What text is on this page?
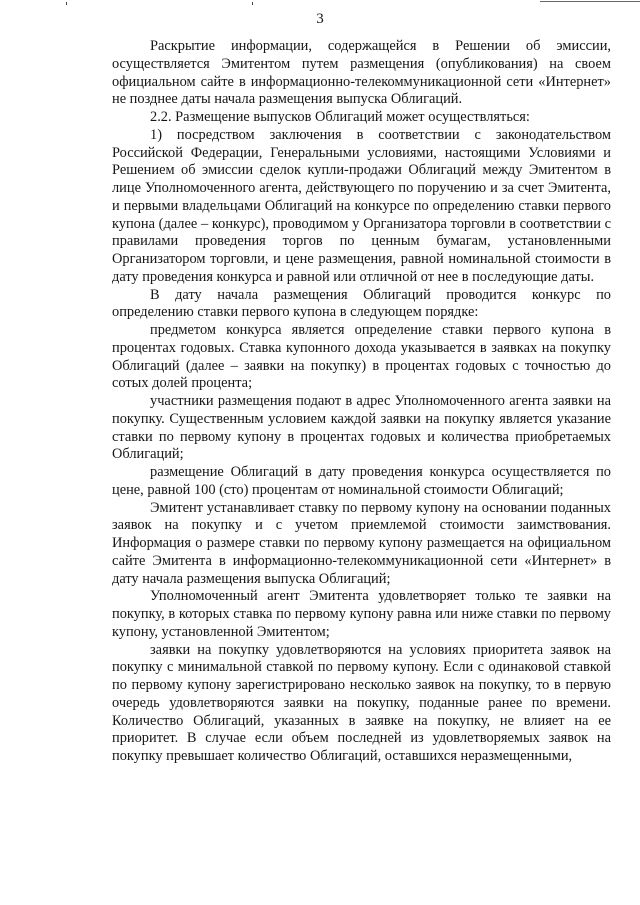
3

Раскрытие информации, содержащейся в Решении об эмиссии, осуществляется Эмитентом путем размещения (опубликования) на своем официальном сайте в информационно-телекоммуникационной сети «Интернет» не позднее даты начала размещения выпуска Облигаций.

2.2. Размещение выпусков Облигаций может осуществляться:

1) посредством заключения в соответствии с законодательством Российской Федерации, Генеральными условиями, настоящими Условиями и Решением об эмиссии сделок купли-продажи Облигаций между Эмитентом в лице Уполномоченного агента, действующего по поручению и за счет Эмитента, и первыми владельцами Облигаций на конкурсе по определению ставки первого купона (далее – конкурс), проводимом у Организатора торговли в соответствии с правилами проведения торгов по ценным бумагам, установленными Организатором торговли, и цене размещения, равной номинальной стоимости в дату проведения конкурса и равной или отличной от нее в последующие даты.

В дату начала размещения Облигаций проводится конкурс по определению ставки первого купона в следующем порядке:

предметом конкурса является определение ставки первого купона в процентах годовых. Ставка купонного дохода указывается в заявках на покупку Облигаций (далее – заявки на покупку) в процентах годовых с точностью до сотых долей процента;

участники размещения подают в адрес Уполномоченного агента заявки на покупку. Существенным условием каждой заявки на покупку является указание ставки по первому купону в процентах годовых и количества приобретаемых Облигаций;

размещение Облигаций в дату проведения конкурса осуществляется по цене, равной 100 (сто) процентам от номинальной стоимости Облигаций;

Эмитент устанавливает ставку по первому купону на основании поданных заявок на покупку и с учетом приемлемой стоимости заимствования. Информация о размере ставки по первому купону размещается на официальном сайте Эмитента в информационно-телекоммуникационной сети «Интернет» в дату начала размещения выпуска Облигаций;

Уполномоченный агент Эмитента удовлетворяет только те заявки на покупку, в которых ставка по первому купону равна или ниже ставки по первому купону, установленной Эмитентом;

заявки на покупку удовлетворяются на условиях приоритета заявок на покупку с минимальной ставкой по первому купону. Если с одинаковой ставкой по первому купону зарегистрировано несколько заявок на покупку, то в первую очередь удовлетворяются заявки на покупку, поданные ранее по времени. Количество Облигаций, указанных в заявке на покупку, не влияет на ее приоритет. В случае если объем последней из удовлетворяемых заявок на покупку превышает количество Облигаций, оставшихся неразмещенными,
